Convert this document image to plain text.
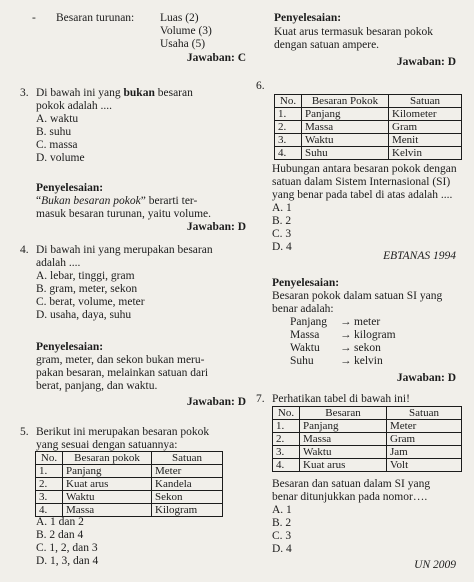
- Besaran turunan: Luas (2)
Volume (3)
Usaha (5)
Jawaban: C
3. Di bawah ini yang bukan besaran
pokok adalah ....
A. waktu
B. suhu
C. massa
D. volume
Penyelesaian:
“Bukan besaran pokok” berarti ter-
masuk besaran turunan, yaitu volume.
Jawaban: D
4. Di bawah ini yang merupakan besaran
adalah ....
A. lebar, tinggi, gram
B. gram, meter, sekon
C. berat, volume, meter
D. usaha, daya, suhu
Penyelesaian:
gram, meter, dan sekon bukan meru-
pakan besaran, melainkan satuan dari
berat, panjang, dan waktu.
Jawaban: D
5. Berikut ini merupakan besaran pokok
yang sesuai dengan satuannya:
No.	Besaran pokok	Satuan
1.	Panjang	Meter
2.	Kuat arus	Kandela
3.	Waktu	Sekon
4.	Massa	Kilogram
A. 1 dan 2
B. 2 dan 4
C. 1, 2, dan 3
D. 1, 3, dan 4
Penyelesaian:
Kuat arus termasuk besaran pokok
dengan satuan ampere.
Jawaban: D
6.
No.	Besaran Pokok	Satuan
1.	Panjang	Kilometer
2.	Massa	Gram
3.	Waktu	Menit
4.	Suhu	Kelvin
Hubungan antara besaran pokok dengan
satuan dalam Sistem Internasional (SI)
yang benar pada tabel di atas adalah ....
A. 1
B. 2
C. 3
D. 4
EBTANAS 1994
Penyelesaian:
Besaran pokok dalam satuan SI yang
benar adalah:
Panjang → meter
Massa → kilogram
Waktu → sekon
Suhu → kelvin
Jawaban: D
7. Perhatikan tabel di bawah ini!
No.	Besaran	Satuan
1.	Panjang	Meter
2.	Massa	Gram
3.	Waktu	Jam
4.	Kuat arus	Volt
Besaran dan satuan dalam SI yang
benar ditunjukkan pada nomor….
A. 1
B. 2
C. 3
D. 4
UN 2009
